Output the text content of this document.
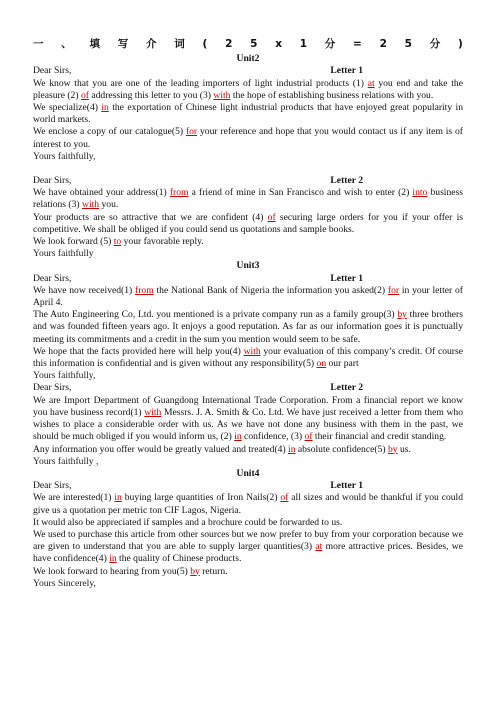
一 、 填 写 介 词 ( 2 5 x 1 分 = 2 5 分 )
Unit2
Dear Sirs,	Letter 1

We know that you are one of the leading importers of light industrial products (1) at you end and take the pleasure (2) of addressing this letter to you (3) with the hope of establishing business relations with you.

We specialize(4) in the exportation of Chinese light industrial products that have enjoyed great popularity in world markets.

We enclose a copy of our catalogue(5) for your reference and hope that you would contact us if any item is of interest to you.

Yours faithfully,
Dear Sirs,	Letter 2

We have obtained your address(1) from a friend of mine in San Francisco and wish to enter (2) into business relations (3) with you.

Your products are so attractive that we are confident (4) of securing large orders for you if your offer is competitive. We shall be obliged if you could send us quotations and sample books.

We look forward (5) to your favorable reply.

Yours faithfully
Unit3
Dear Sirs,	Letter 1

We have now received(1) from the National Bank of Nigeria the information you asked(2) for in your letter of April 4.

The Auto Engineering Co, Ltd. you mentioned is a private company run as a family group(3) by three brothers and was founded fifteen years ago. It enjoys a good reputation. As far as our information goes it is punctually meeting its commitments and a credit in the sum you mention would seem to be safe.

We hope that the facts provided here will help you(4) with your evaluation of this company’s credit. Of course this information is confidential and is given without any responsibility(5) on our part

Yours faithfully,
Dear Sirs,	Letter 2

We are Import Department of Guangdong International Trade Corporation. From a financial report we know you have business record(1) with Messrs. J. A. Smith & Co. Ltd. We have just received a letter from them who wishes to place a considerable order with us. As we have not done any business with them in the past, we should be much obliged if you would inform us, (2) in confidence, (3) of their financial and credit standing.

Any information you offer would be greatly valued and treated(4) in absolute confidence(5) by us.

Yours faithfully ,
Unit4
Dear Sirs,	Letter 1

We are interested(1) in buying large quantities of Iron Nails(2) of all sizes and would be thankful if you could give us a quotation per metric ton CIF Lagos, Nigeria.

It would also be appreciated if samples and a brochure could be forwarded to us.

We used to purchase this article from other sources but we now prefer to buy from your corporation because we are given to understand that you are able to supply larger quantities(3) at more attractive prices. Besides, we have confidence(4) in the quality of Chinese products.

We look forward to hearing from you(5) by return.

Yours Sincerely,
